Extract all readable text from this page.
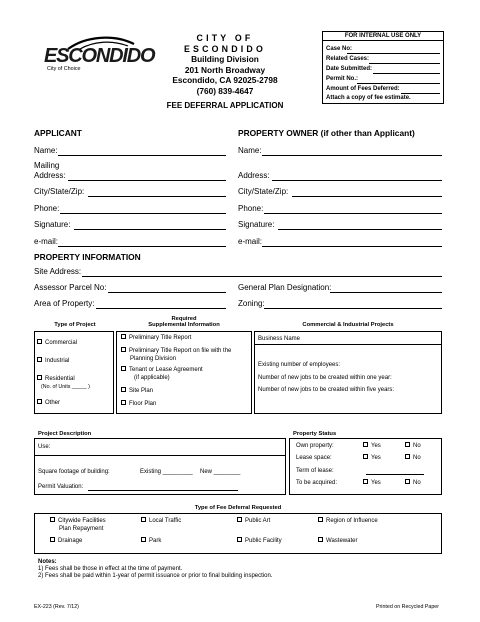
ESCONDIDO
City of Choice
CITY OF ESCONDIDO
Building Division
201 North Broadway
Escondido, CA 92025-2798
(760) 839-4647
FEE DEFERRAL APPLICATION
FOR INTERNAL USE ONLY
Case No:
Related Cases:
Date Submitted:
Permit No.:
Amount of Fees Deferred:
Attach a copy of fee estimate.
APPLICANT	PROPERTY OWNER (if other than Applicant)
Name:	Name:
Mailing
Address:	Address:
City/State/Zip:	City/State/Zip:
Phone:	Phone:
Signature:	Signature:
e-mail:	e-mail:
PROPERTY INFORMATION
Site Address:
Assessor Parcel No:	General Plan Designation:
Area of Property:	Zoning:
Type of Project
Required
Supplemental Information	Commercial & Industrial Projects
Commercial
Industrial
Residential
(No. of Units _____ )
Other
Preliminary Title Report
Preliminary Title Report on file with the
Planning Division
Tenant or Lease Agreement
(if applicable)
Site Plan
Floor Plan
Business Name
Existing number of employees:
Number of new jobs to be created within one year:
Number of new jobs to be created within five years:
Project Description	Property Status
Use:
Square footage of building:	Existing _________ New ________
Permit Valuation:
Own property:	Yes	No
Lease space:	Yes	No
Term of lease:
To be acquired:	Yes	No
Type of Fee Deferral Requested
Citywide Facilities
Plan Repayment
Local Traffic	Public Art	Region of Influence
Drainage	Park	Public Facility	Wastewater
Notes:
1) Fees shall be those in effect at the time of payment.
2) Fees shall be paid within 1-year of permit issuance or prior to final building inspection.
EX-223 (Rev. 7/12)	Printed on Recycled Paper
